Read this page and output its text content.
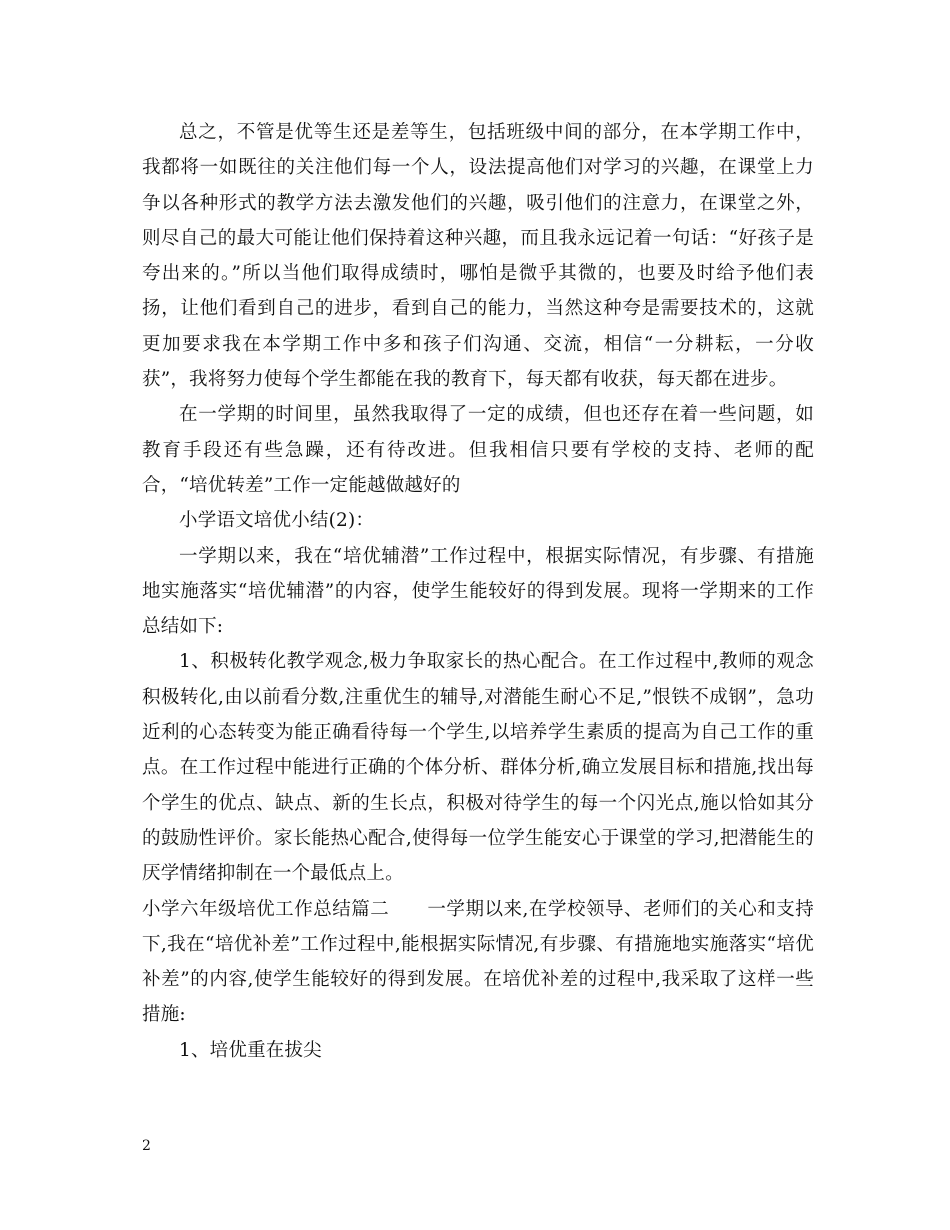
总之，不管是优等生还是差等生，包括班级中间的部分，在本学期工作中，我都将一如既往的关注他们每一个人，设法提高他们对学习的兴趣，在课堂上力争以各种形式的教学方法去激发他们的兴趣，吸引他们的注意力，在课堂之外，则尽自己的最大可能让他们保持着这种兴趣，而且我永远记着一句话：“好孩子是夸出来的。”所以当他们取得成绩时，哪怕是微乎其微的，也要及时给予他们表扬，让他们看到自己的进步，看到自己的能力，当然这种夸是需要技术的，这就更加要求我在本学期工作中多和孩子们沟通、交流，相信“一分耕耘，一分收获”，我将努力使每个学生都能在我的教育下，每天都有收获，每天都在进步。

在一学期的时间里，虽然我取得了一定的成绩，但也还存在着一些问题，如教育手段还有些急躁，还有待改进。但我相信只要有学校的支持、老师的配合，“培优转差”工作一定能越做越好的

小学语文培优小结(2)：

一学期以来，我在“培优辅潜”工作过程中，根据实际情况，有步骤、有措施地实施落实“培优辅潜”的内容，使学生能较好的得到发展。现将一学期来的工作总结如下:

1、积极转化教学观念,极力争取家长的热心配合。在工作过程中,教师的观念积极转化,由以前看分数,注重优生的辅导,对潜能生耐心不足,”恨铁不成钢”，急功近利的心态转变为能正确看待每一个学生,以培养学生素质的提高为自己工作的重点。在工作过程中能进行正确的个体分析、群体分析,确立发展目标和措施,找出每个学生的优点、缺点、新的生长点，积极对待学生的每一个闪光点,施以恰如其分的鼓励性评价。家长能热心配合,使得每一位学生能安心于课堂的学习,把潜能生的厌学情绪抑制在一个最低点上。

小学六年级培优工作总结篇二　　一学期以来,在学校领导、老师们的关心和支持下,我在“培优补差”工作过程中,能根据实际情况,有步骤、有措施地实施落实“培优补差”的内容,使学生能较好的得到发展。在培优补差的过程中,我采取了这样一些措施:

1、培优重在拔尖

2
